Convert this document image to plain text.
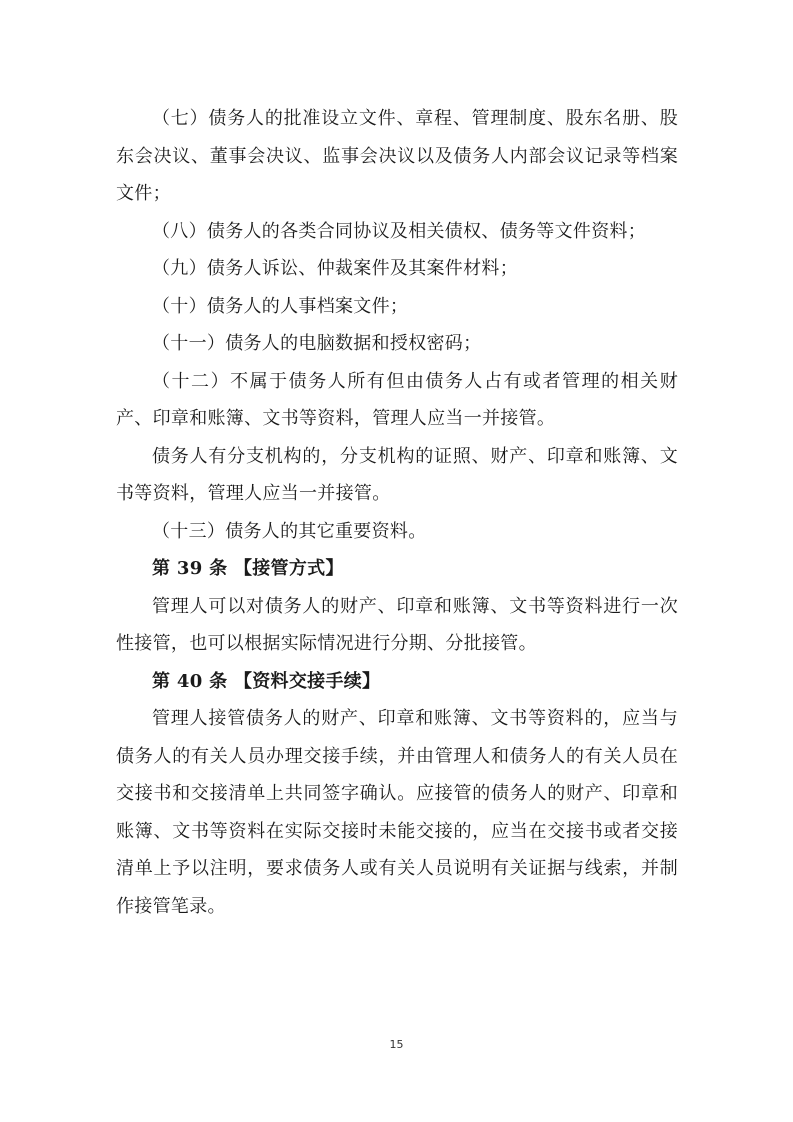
（七）债务人的批准设立文件、章程、管理制度、股东名册、股东会决议、董事会决议、监事会决议以及债务人内部会议记录等档案文件；

（八）债务人的各类合同协议及相关债权、债务等文件资料；

（九）债务人诉讼、仲裁案件及其案件材料；

（十）债务人的人事档案文件；

（十一）债务人的电脑数据和授权密码；

（十二）不属于债务人所有但由债务人占有或者管理的相关财产、印章和账簿、文书等资料，管理人应当一并接管。

债务人有分支机构的，分支机构的证照、财产、印章和账簿、文书等资料，管理人应当一并接管。

（十三）债务人的其它重要资料。

第 39 条 【接管方式】

管理人可以对债务人的财产、印章和账簿、文书等资料进行一次性接管，也可以根据实际情况进行分期、分批接管。

第 40 条 【资料交接手续】

管理人接管债务人的财产、印章和账簿、文书等资料的，应当与债务人的有关人员办理交接手续，并由管理人和债务人的有关人员在交接书和交接清单上共同签字确认。应接管的债务人的财产、印章和账簿、文书等资料在实际交接时未能交接的，应当在交接书或者交接清单上予以注明，要求债务人或有关人员说明有关证据与线索，并制作接管笔录。

15
